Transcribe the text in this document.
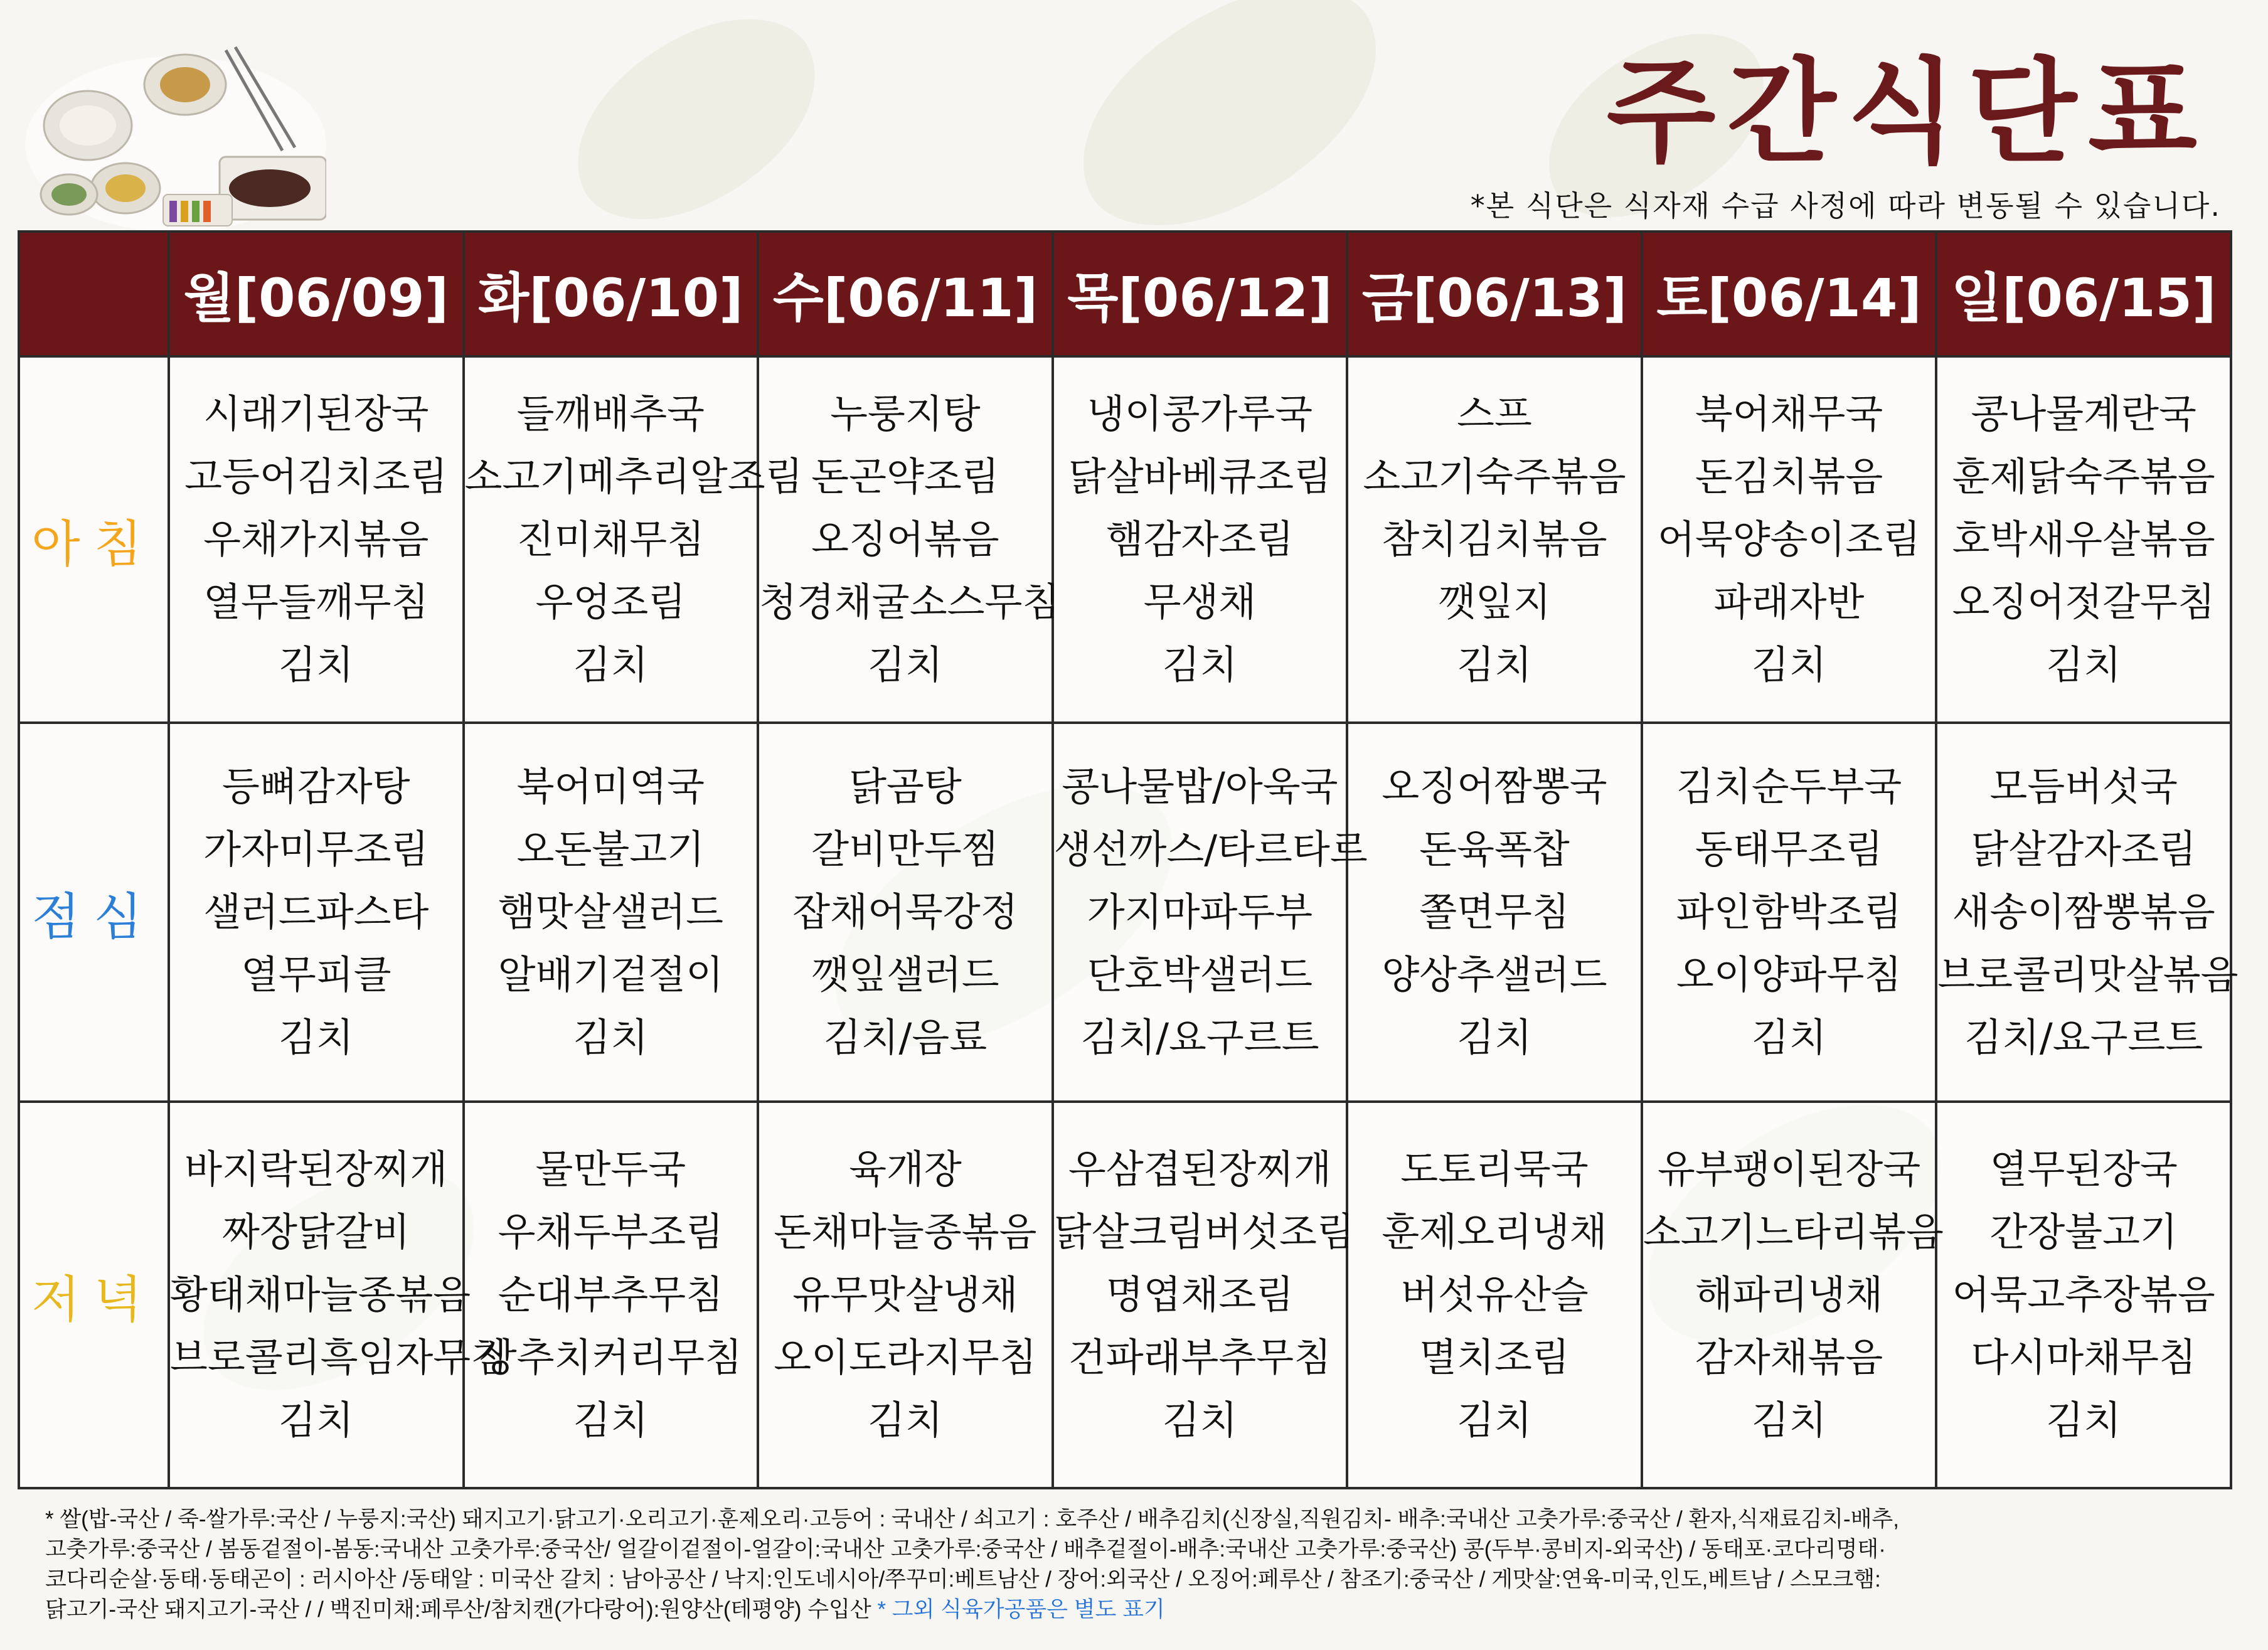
주간식단표
*본 식단은 식자재 수급 사정에 따라 변동될 수 있습니다.
	월[06/09]	화[06/10]	수[06/11]	목[06/12]	금[06/13]	토[06/14]	일[06/15]
아침	시래기된장국
고등어김치조림
우채가지볶음
열무들깨무침
김치	들깨배추국
소고기메추리알조림
진미채무침
우엉조림
김치	누룽지탕
돈곤약조림
오징어볶음
청경채굴소스무침
김치	냉이콩가루국
닭살바베큐조림
햄감자조림
무생채
김치	스프
소고기숙주볶음
참치김치볶음
깻잎지
김치	북어채무국
돈김치볶음
어묵양송이조림
파래자반
김치	콩나물계란국
훈제닭숙주볶음
호박새우살볶음
오징어젓갈무침
김치

점심	등뼈감자탕
가자미무조림
샐러드파스타
열무피클
김치	북어미역국
오돈불고기
햄맛살샐러드
알배기겉절이
김치	닭곰탕
갈비만두찜
잡채어묵강정
깻잎샐러드
김치/음료	콩나물밥/아욱국
생선까스/타르타르
가지마파두부
단호박샐러드
김치/요구르트	오징어짬뽕국
돈육폭찹
쫄면무침
양상추샐러드
김치	김치순두부국
동태무조림
파인함박조림
오이양파무침
김치	모듬버섯국
닭살감자조림
새송이짬뽕볶음
브로콜리맛살볶음
김치/요구르트

저녁	바지락된장찌개
짜장닭갈비
황태채마늘종볶음
브로콜리흑임자무침
김치	물만두국
우채두부조림
순대부추무침
상추치커리무침
김치	육개장
돈채마늘종볶음
유무맛살냉채
오이도라지무침
김치	우삼겹된장찌개
닭살크림버섯조림
명엽채조림
건파래부추무침
김치	도토리묵국
훈제오리냉채
버섯유산슬
멸치조림
김치	유부팽이된장국
소고기느타리볶음
해파리냉채
감자채볶음
김치	열무된장국
간장불고기
어묵고추장볶음
다시마채무침
김치
* 쌀(밥-국산 / 죽-쌀가루:국산 / 누룽지:국산) 돼지고기·닭고기·오리고기·훈제오리·고등어 : 국내산 / 쇠고기 : 호주산 / 배추김치(신장실,직원김치- 배추:국내산 고춧가루:중국산 / 환자,식재료김치-배추,
고춧가루:중국산 / 봄동겉절이-봄동:국내산 고춧가루:중국산/ 얼갈이겉절이-얼갈이:국내산 고춧가루:중국산 / 배추겉절이-배추:국내산 고춧가루:중국산) 콩(두부·콩비지-외국산) / 동태포·코다리명태·
코다리순살·동태·동태곤이 : 러시아산 /동태알 : 미국산 갈치 : 남아공산 / 낙지:인도네시아/쭈꾸미:베트남산 / 장어:외국산 / 오징어:페루산 / 참조기:중국산 / 게맛살:연육-미국,인도,베트남 / 스모크햄:
닭고기-국산 돼지고기-국산 / / 백진미채:페루산/참치캔(가다랑어):원양산(테평양) 수입산 * 그외 식육가공품은 별도 표기
